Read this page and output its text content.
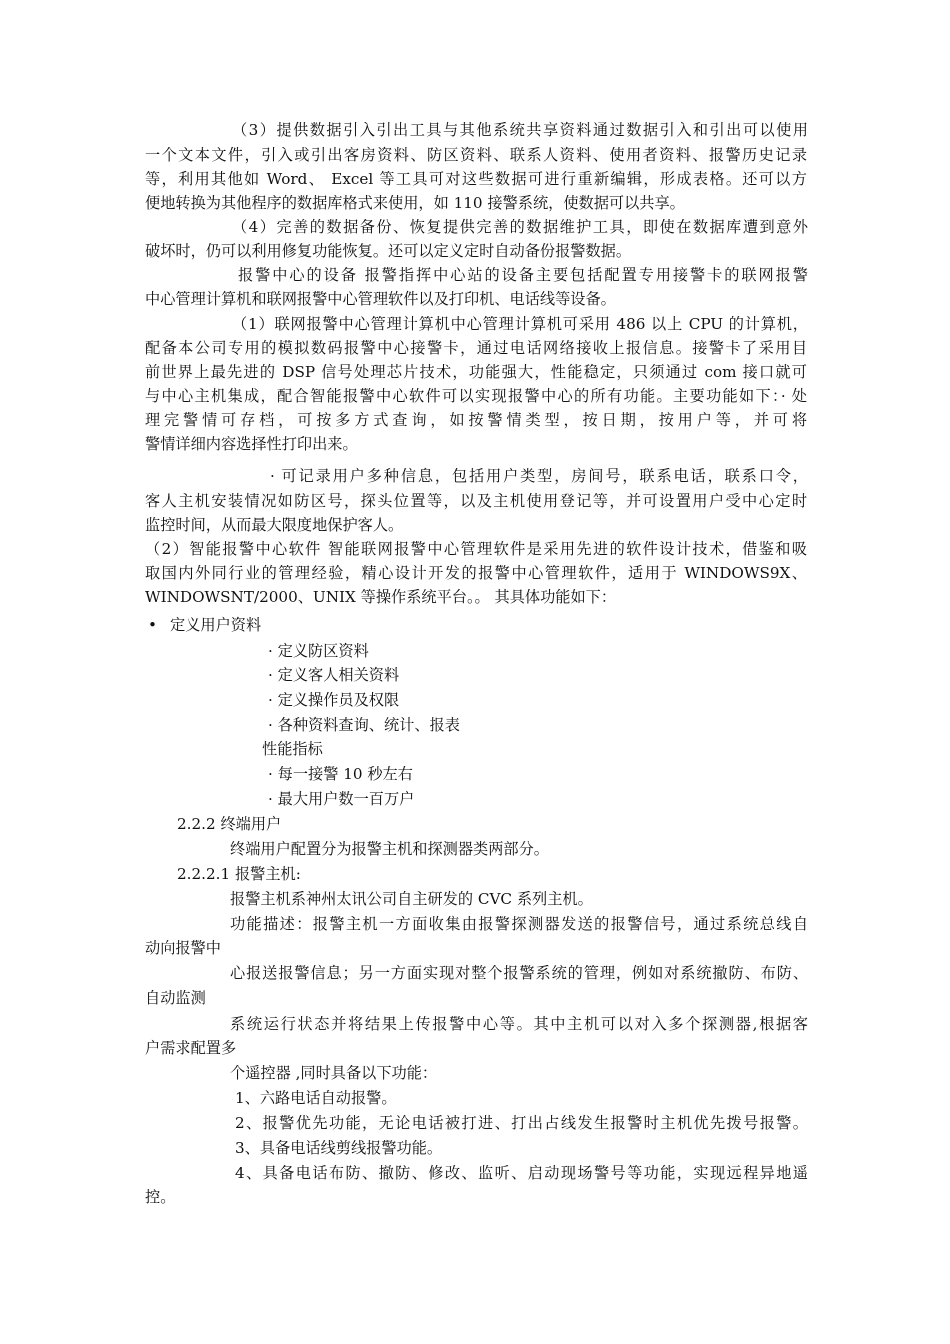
（3）提供数据引入引出工具与其他系统共享资料通过数据引入和引出可以使用
一个文本文件，引入或引出客房资料、防区资料、联系人资料、使用者资料、报警历史记录
等，利用其他如 Word、 Excel 等工具可对这些数据可进行重新编辑，形成表格。还可以方
便地转换为其他程序的数据库格式来使用，如 110 接警系统，使数据可以共享。
（4）完善的数据备份、恢复提供完善的数据维护工具，即使在数据库遭到意外
破坏时，仍可以利用修复功能恢复。还可以定义定时自动备份报警数据。
报警中心的设备 报警指挥中心站的设备主要包括配置专用接警卡的联网报警
中心管理计算机和联网报警中心管理软件以及打印机、电话线等设备。
（1）联网报警中心管理计算机中心管理计算机可采用 486 以上 CPU 的计算机，
配备本公司专用的模拟数码报警中心接警卡，通过电话网络接收上报信息。接警卡了采用目
前世界上最先进的 DSP 信号处理芯片技术，功能强大，性能稳定，只须通过 com 接口就可
与中心主机集成，配合智能报警中心软件可以实现报警中心的所有功能。主要功能如下：· 处
理完警情可存档，可按多方式查询，如按警情类型，按日期，按用户等，并可将
警情详细内容选择性打印出来。
· 可记录用户多种信息，包括用户类型，房间号，联系电话，联系口令，
客人主机安装情况如防区号，探头位置等，以及主机使用登记等，并可设置用户受中心定时
监控时间，从而最大限度地保护客人。
（2）智能报警中心软件 智能联网报警中心管理软件是采用先进的软件设计技术，借鉴和吸
取国内外同行业的管理经验，精心设计开发的报警中心管理软件，适用于 WINDOWS9X、
WINDOWSNT/2000、UNIX 等操作系统平台。。 其具体功能如下：
• 定义用户资料
· 定义防区资料
· 定义客人相关资料
· 定义操作员及权限
· 各种资料查询、统计、报表
性能指标
· 每一接警 10 秒左右
· 最大用户数一百万户
2.2.2 终端用户
终端用户配置分为报警主机和探测器类两部分。
2.2.2.1 报警主机:
报警主机系神州太讯公司自主研发的 CVC 系列主机。
功能描述：报警主机一方面收集由报警探测器发送的报警信号，通过系统总线自
动向报警中
心报送报警信息；另一方面实现对整个报警系统的管理，例如对系统撤防、布防、
自动监测
系统运行状态并将结果上传报警中心等。其中主机可以对入多个探测器,根据客
户需求配置多
个遥控器 ,同时具备以下功能：
1、六路电话自动报警。
2、报警优先功能，无论电话被打进、打出占线发生报警时主机优先拨号报警。
3、具备电话线剪线报警功能。
4、具备电话布防、撤防、修改、监听、启动现场警号等功能，实现远程异地遥
控。
